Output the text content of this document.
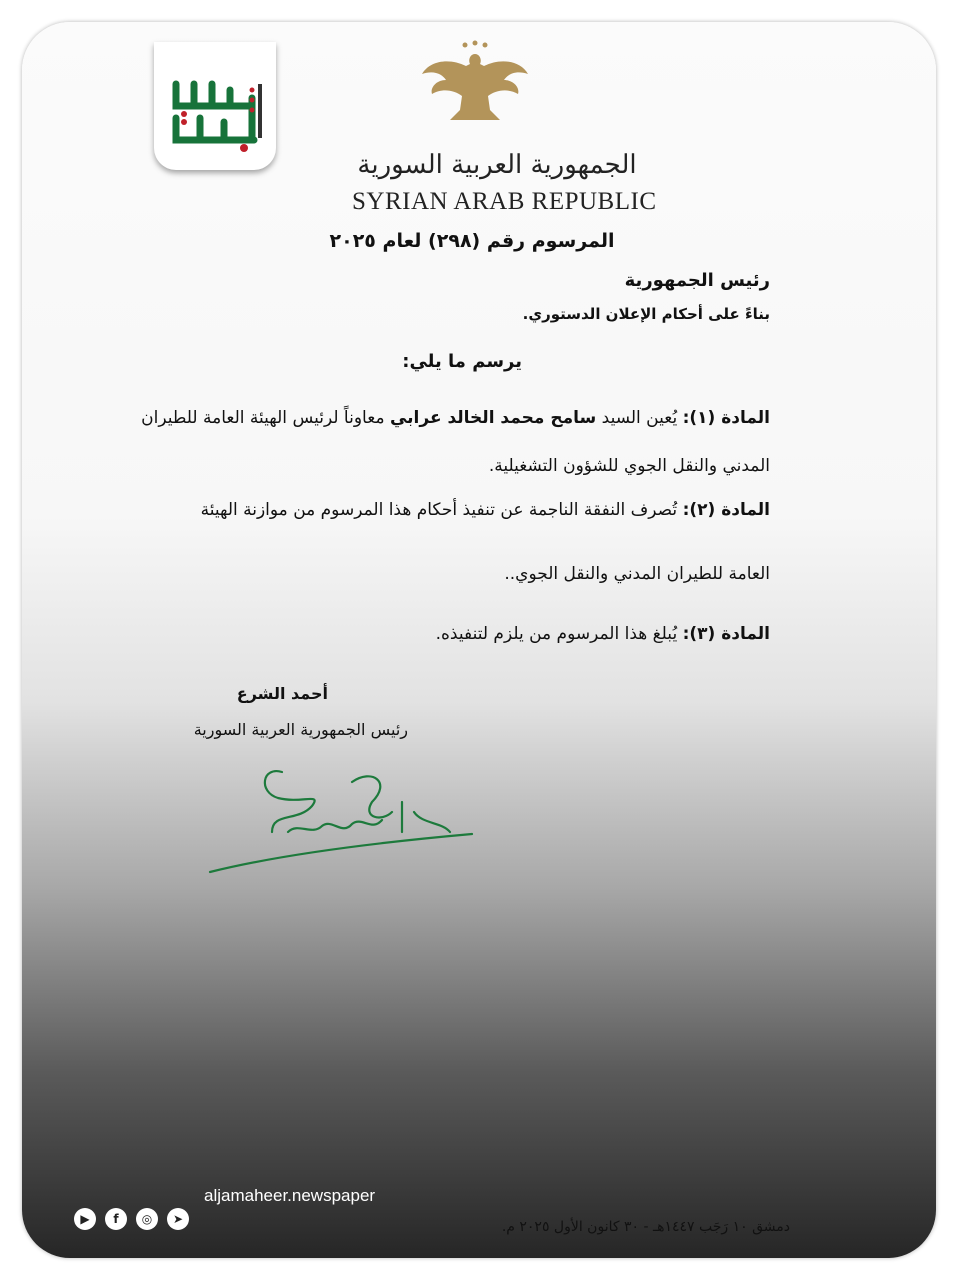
الجمهورية العربية السورية
SYRIAN ARAB REPUBLIC
المرسوم رقم (٢٩٨) لعام ٢٠٢٥
رئيس الجمهورية
بناءً على أحكام الإعلان الدستوري.
يرسم ما يلي:
المادة (١): يُعين السيد سامح محمد الخالد عرابي معاوناً لرئيس الهيئة العامة للطيران
المدني والنقل الجوي للشؤون التشغيلية.
المادة (٢): تُصرف النفقة الناجمة عن تنفيذ أحكام هذا المرسوم من موازنة الهيئة
العامة للطيران المدني والنقل الجوي..
المادة (٣): يُبلغ هذا المرسوم من يلزم لتنفيذه.
أحمد الشرع
رئيس الجمهورية العربية السورية
▶	f	◎	➤
aljamaheer.newspaper
دمشق ١٠ رَجَب ١٤٤٧هـ - ٣٠ كانون الأول ٢٠٢٥ م.
